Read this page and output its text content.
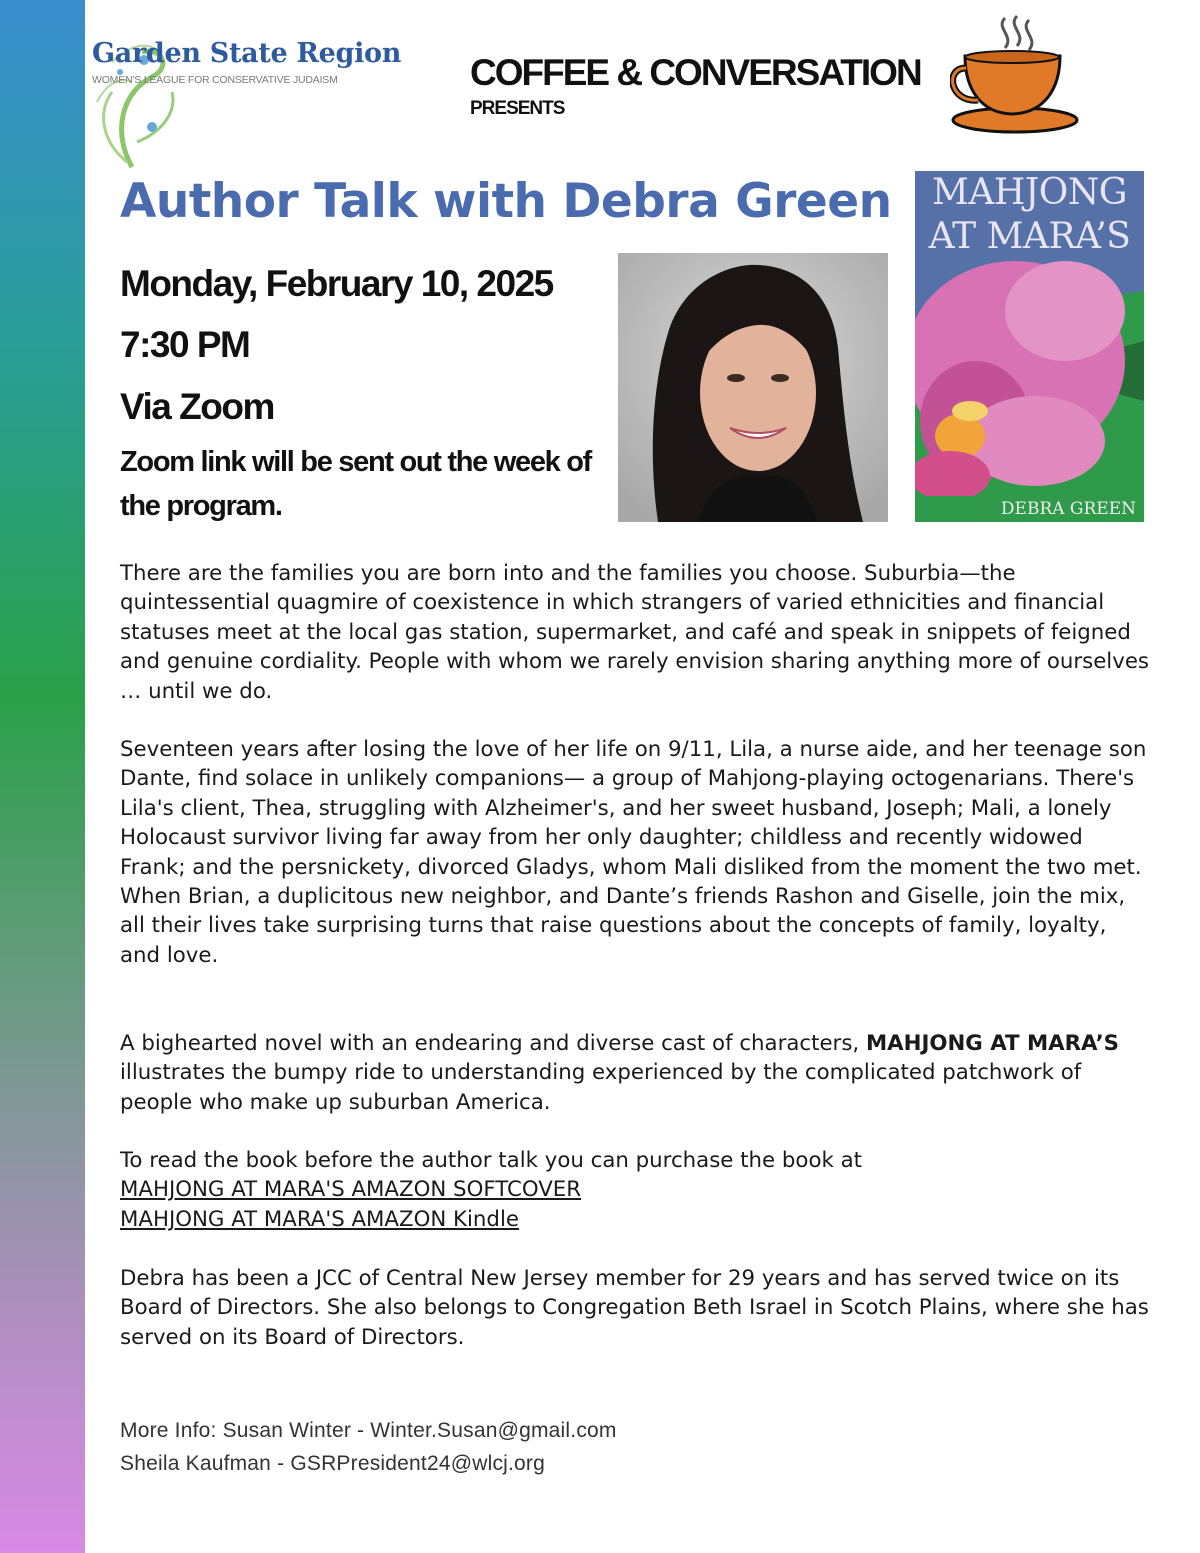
Garden State Region
WOMEN'S LEAGUE FOR CONSERVATIVE JUDAISM	COFFEE & CONVERSATION
PRESENTS
Author Talk with Debra Green
Monday, February 10, 2025
7:30 PM
Via Zoom
Zoom link will be sent out the week of the program.
MAHJONG
AT MARA’S
DEBRA GREEN
There are the families you are born into and the families you choose. Suburbia—the quintessential quagmire of coexistence in which strangers of varied ethnicities and financial statuses meet at the local gas station, supermarket, and café and speak in snippets of feigned and genuine cordiality. People with whom we rarely envision sharing anything more of ourselves … until we do.
Seventeen years after losing the love of her life on 9/11, Lila, a nurse aide, and her teenage son Dante, find solace in unlikely companions— a group of Mahjong-playing octogenarians. There's Lila's client, Thea, struggling with Alzheimer's, and her sweet husband, Joseph; Mali, a lonely Holocaust survivor living far away from her only daughter; childless and recently widowed Frank; and the persnickety, divorced Gladys, whom Mali disliked from the moment the two met. When Brian, a duplicitous new neighbor, and Dante’s friends Rashon and Giselle, join the mix, all their lives take surprising turns that raise questions about the concepts of family, loyalty, and love.
A bighearted novel with an endearing and diverse cast of characters, MAHJONG AT MARA’S illustrates the bumpy ride to understanding experienced by the complicated patchwork of people who make up suburban America.
To read the book before the author talk you can purchase the book at
MAHJONG AT MARA'S AMAZON SOFTCOVER
MAHJONG AT MARA'S AMAZON Kindle
Debra has been a JCC of Central New Jersey member for 29 years and has served twice on its Board of Directors. She also belongs to Congregation Beth Israel in Scotch Plains, where she has served on its Board of Directors.
More Info: Susan Winter - Winter.Susan@gmail.com
Sheila Kaufman - GSRPresident24@wlcj.org
